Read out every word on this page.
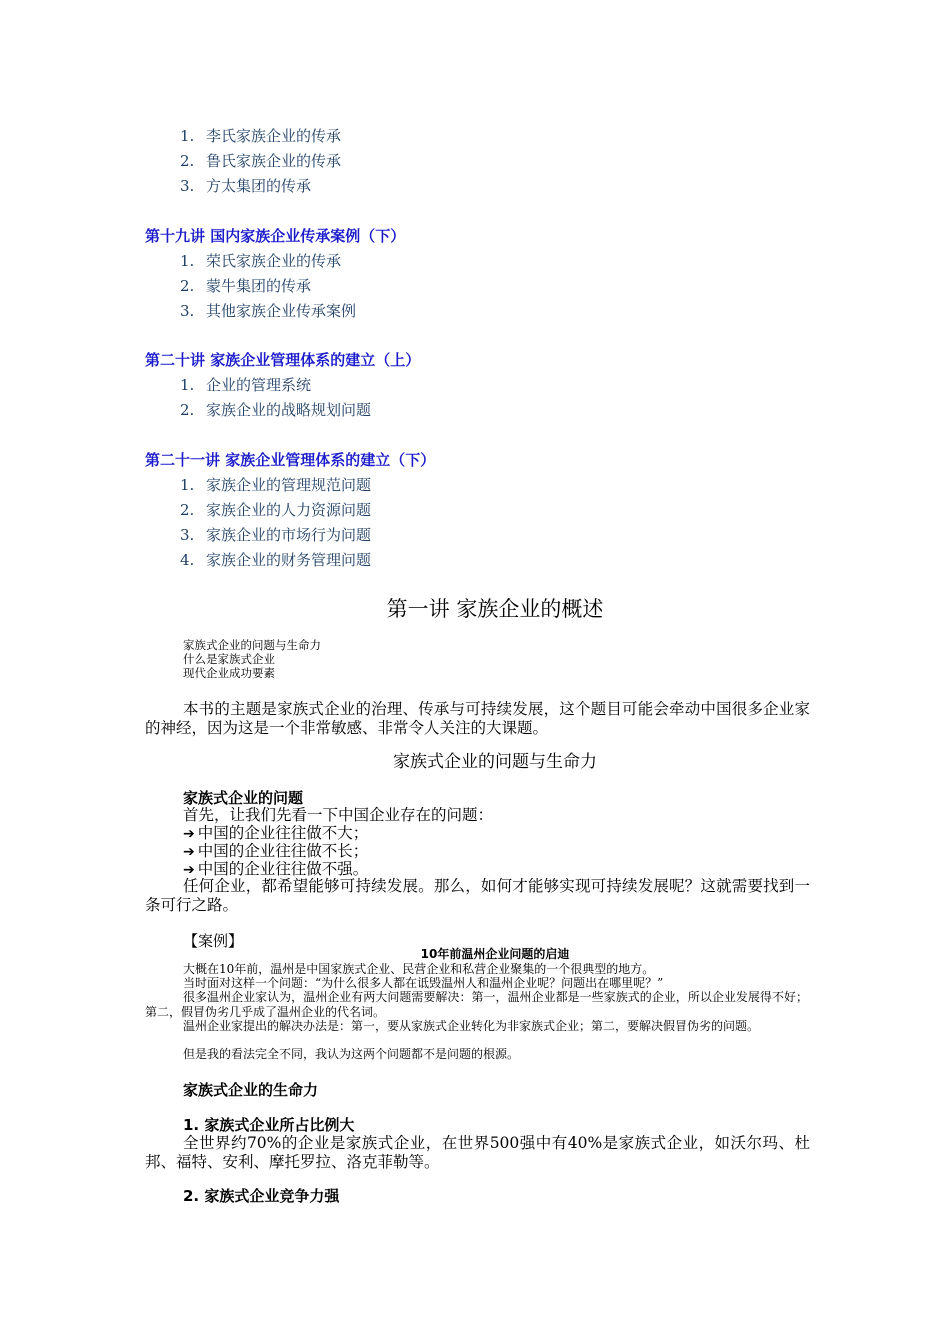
1. 李氏家族企业的传承
2. 鲁氏家族企业的传承
3. 方太集团的传承
第十九讲 国内家族企业传承案例（下）
1. 荣氏家族企业的传承
2. 蒙牛集团的传承
3. 其他家族企业传承案例
第二十讲 家族企业管理体系的建立（上）
1. 企业的管理系统
2. 家族企业的战略规划问题
第二十一讲 家族企业管理体系的建立（下）
1. 家族企业的管理规范问题
2. 家族企业的人力资源问题
3. 家族企业的市场行为问题
4. 家族企业的财务管理问题
第一讲 家族企业的概述
家族式企业的问题与生命力
什么是家族式企业
现代企业成功要素
本书的主题是家族式企业的治理、传承与可持续发展，这个题目可能会牵动中国很多企业家的神经，因为这是一个非常敏感、非常令人关注的大课题。
家族式企业的问题与生命力
家族式企业的问题
首先，让我们先看一下中国企业存在的问题：
➔ 中国的企业往往做不大；
➔ 中国的企业往往做不长；
➔ 中国的企业往往做不强。
任何企业，都希望能够可持续发展。那么，如何才能够实现可持续发展呢？这就需要找到一条可行之路。
【案例】
10年前温州企业问题的启迪
大概在10年前，温州是中国家族式企业、民营企业和私营企业聚集的一个很典型的地方。
当时面对这样一个问题：“为什么很多人都在诋毁温州人和温州企业呢？问题出在哪里呢？”
很多温州企业家认为，温州企业有两大问题需要解决：第一，温州企业都是一些家族式的企业，所以企业发展得不好；第二，假冒伪劣几乎成了温州企业的代名词。
温州企业家提出的解决办法是：第一，要从家族式企业转化为非家族式企业；第二，要解决假冒伪劣的问题。
但是我的看法完全不同，我认为这两个问题都不是问题的根源。
家族式企业的生命力
1. 家族式企业所占比例大
全世界约70%的企业是家族式企业，在世界500强中有40%是家族式企业，如沃尔玛、杜邦、福特、安利、摩托罗拉、洛克菲勒等。
2. 家族式企业竞争力强
